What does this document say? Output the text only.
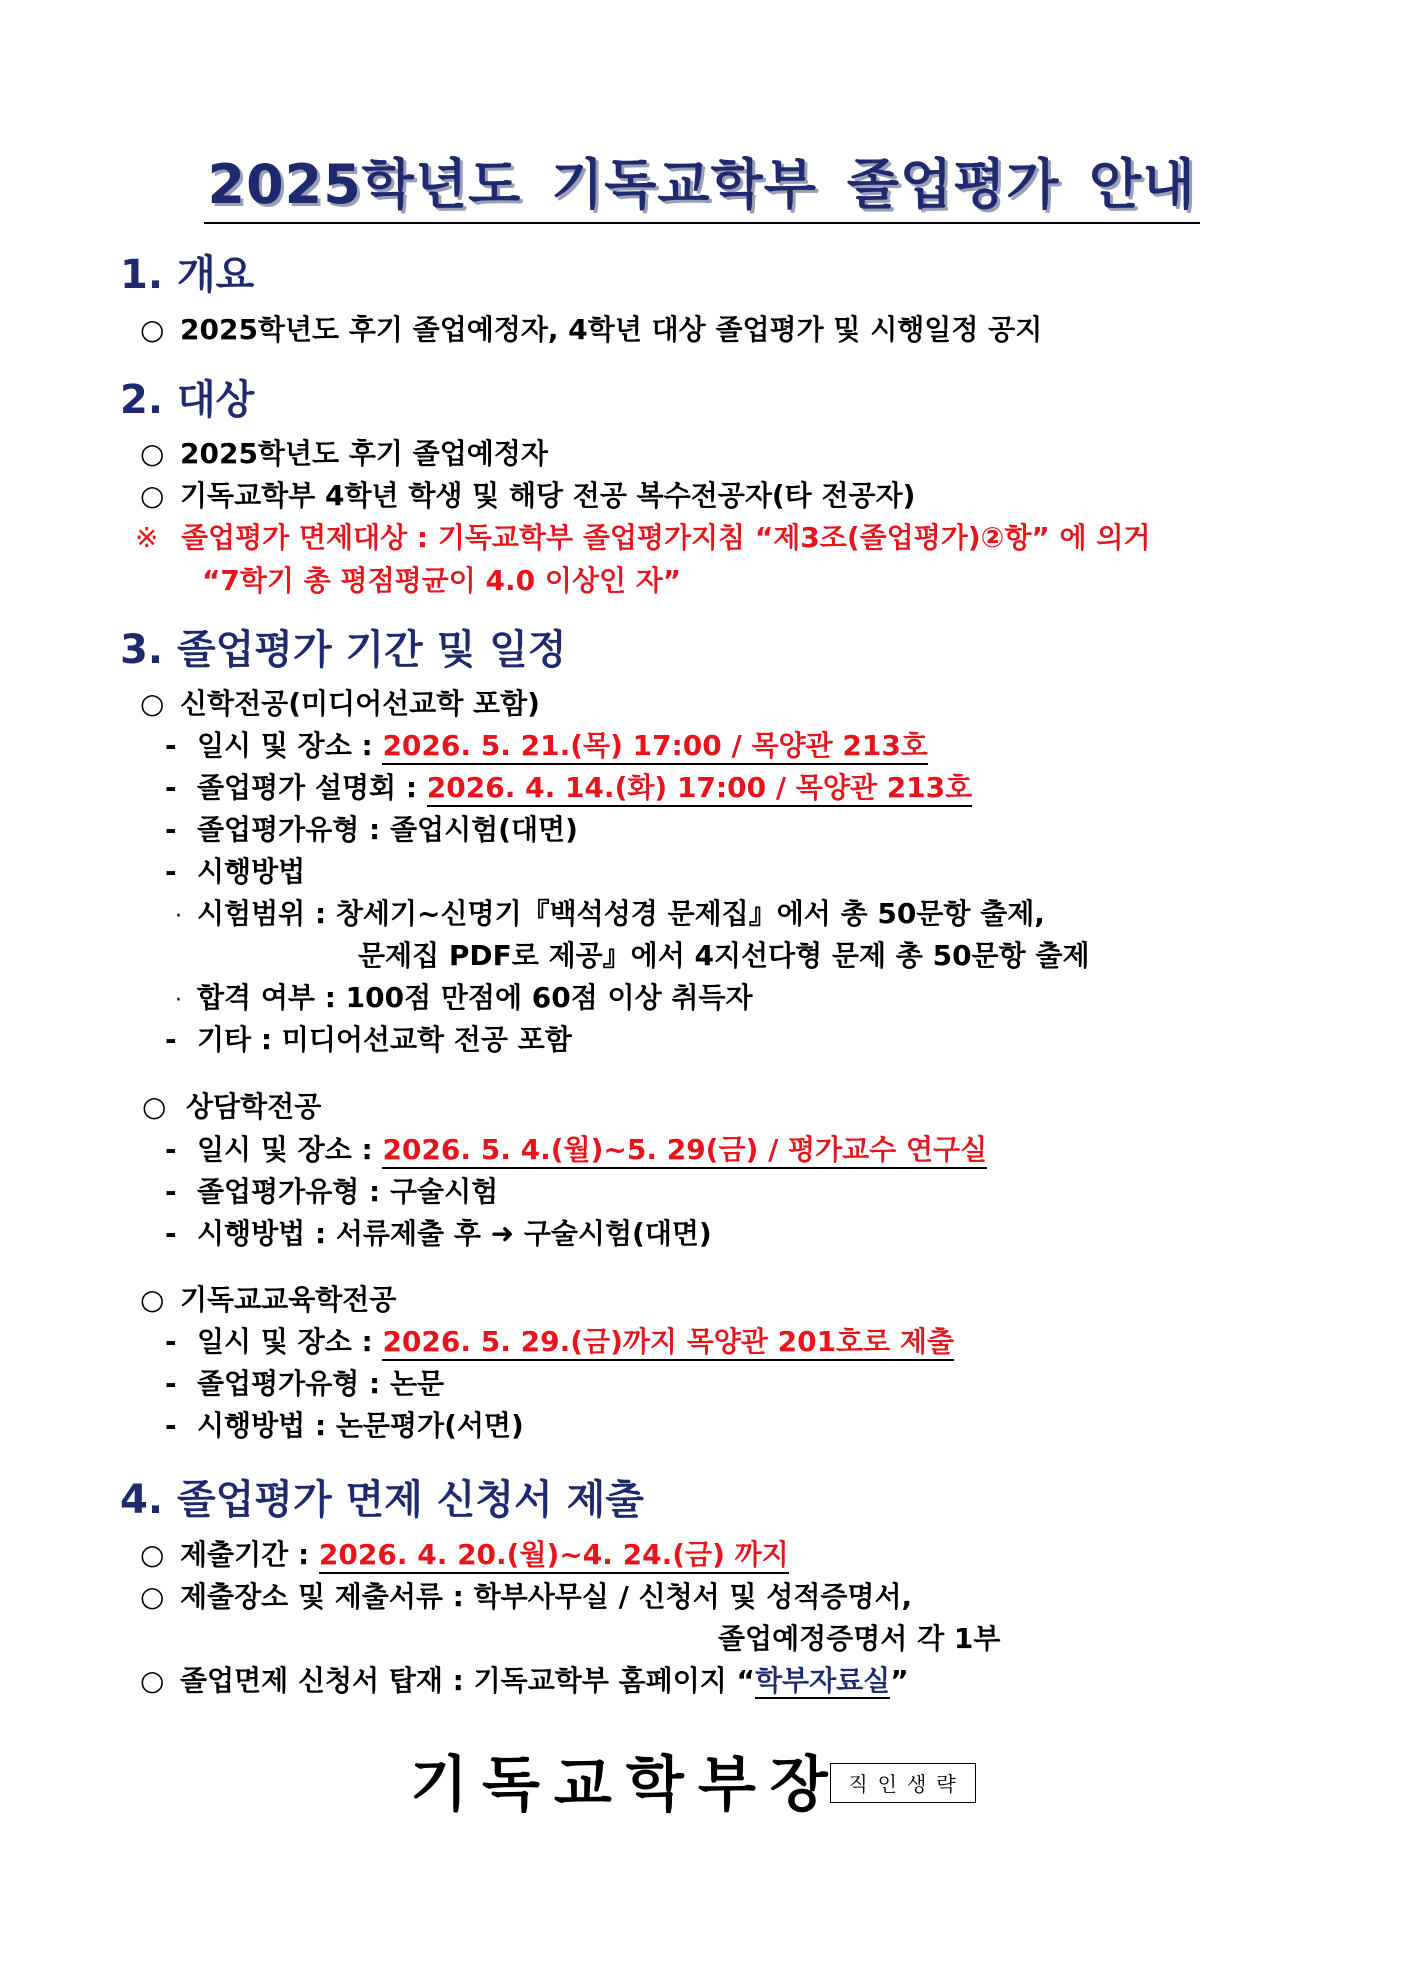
2025학년도 기독교학부 졸업평가 안내
1. 개요
○ 2025학년도 후기 졸업예정자, 4학년 대상 졸업평가 및 시행일정 공지
2. 대상
○ 2025학년도 후기 졸업예정자
○ 기독교학부 4학년 학생 및 해당 전공 복수전공자(타 전공자)
※ 졸업평가 면제대상 : 기독교학부 졸업평가지침 “제3조(졸업평가)②항” 에 의거
“7학기 총 평점평균이 4.0 이상인 자”
3. 졸업평가 기간 및 일정
○ 신학전공(미디어선교학 포함)
- 일시 및 장소 : 2026. 5. 21.(목) 17:00 / 목양관 213호
- 졸업평가 설명회 : 2026. 4. 14.(화) 17:00 / 목양관 213호
- 졸업평가유형 : 졸업시험(대면)
- 시행방법
· 시험범위 : 창세기~신명기『백석성경 문제집』에서 총 50문항 출제,
문제집 PDF로 제공』에서 4지선다형 문제 총 50문항 출제
· 합격 여부 : 100점 만점에 60점 이상 취득자
- 기타 : 미디어선교학 전공 포함
○ 상담학전공
- 일시 및 장소 : 2026. 5. 4.(월)~5. 29(금) / 평가교수 연구실
- 졸업평가유형 : 구술시험
- 시행방법 : 서류제출 후 ➜ 구술시험(대면)
○ 기독교교육학전공
- 일시 및 장소 : 2026. 5. 29.(금)까지 목양관 201호로 제출
- 졸업평가유형 : 논문
- 시행방법 : 논문평가(서면)
4. 졸업평가 면제 신청서 제출
○ 제출기간 : 2026. 4. 20.(월)~4. 24.(금) 까지
○ 제출장소 및 제출서류 : 학부사무실 / 신청서 및 성적증명서,
졸업예정증명서 각 1부
○ 졸업면제 신청서 탑재 : 기독교학부 홈페이지 “학부자료실”
기독교학부장 직인생략
